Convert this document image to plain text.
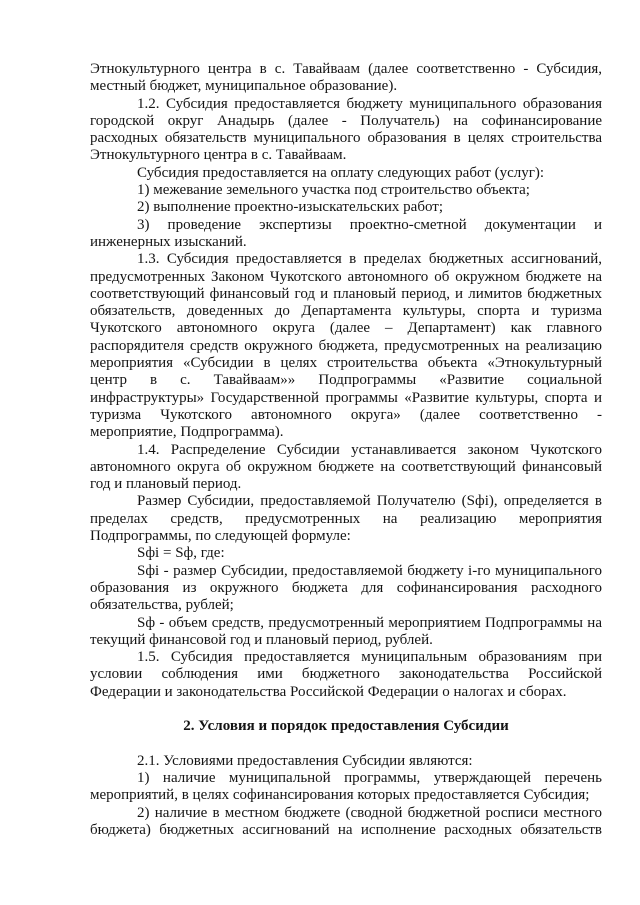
Этнокультурного центра в с. Тавайваам (далее соответственно - Субсидия,
местный бюджет, муниципальное образование).
1.2. Субсидия предоставляется бюджету муниципального образования
городской округ Анадырь (далее - Получатель) на софинансирование
расходных обязательств муниципального образования в целях строительства
Этнокультурного центра в с. Тавайваам.
Субсидия предоставляется на оплату следующих работ (услуг):
1) межевание земельного участка под строительство объекта;
2) выполнение проектно-изыскательских работ;
3) проведение экспертизы проектно-сметной документации и
инженерных изысканий.
1.3. Субсидия предоставляется в пределах бюджетных ассигнований,
предусмотренных Законом Чукотского автономного об окружном бюджете на
соответствующий финансовый год и плановый период, и лимитов бюджетных
обязательств, доведенных до Департамента культуры, спорта и туризма
Чукотского автономного округа (далее – Департамент) как главного
распорядителя средств окружного бюджета, предусмотренных на реализацию
мероприятия «Субсидии в целях строительства объекта «Этнокультурный
центр в с. Тавайваам»» Подпрограммы «Развитие социальной
инфраструктуры» Государственной программы «Развитие культуры, спорта и
туризма Чукотского автономного округа» (далее соответственно -
мероприятие, Подпрограмма).
1.4. Распределение Субсидии устанавливается законом Чукотского
автономного округа об окружном бюджете на соответствующий финансовый
год и плановый период.
Размер Субсидии, предоставляемой Получателю (Sфi), определяется в
пределах средств, предусмотренных на реализацию мероприятия
Подпрограммы, по следующей формуле:
Sфi = Sф, где:
Sфi - размер Субсидии, предоставляемой бюджету i-го муниципального
образования из окружного бюджета для софинансирования расходного
обязательства, рублей;
Sф - объем средств, предусмотренный мероприятием Подпрограммы на
текущий финансовой год и плановый период, рублей.
1.5. Субсидия предоставляется муниципальным образованиям при
условии соблюдения ими бюджетного законодательства Российской
Федерации и законодательства Российской Федерации о налогах и сборах.
2. Условия и порядок предоставления Субсидии
2.1. Условиями предоставления Субсидии являются:
1) наличие муниципальной программы, утверждающей перечень
мероприятий, в целях софинансирования которых предоставляется Субсидия;
2) наличие в местном бюджете (сводной бюджетной росписи местного
бюджета) бюджетных ассигнований на исполнение расходных обязательств
